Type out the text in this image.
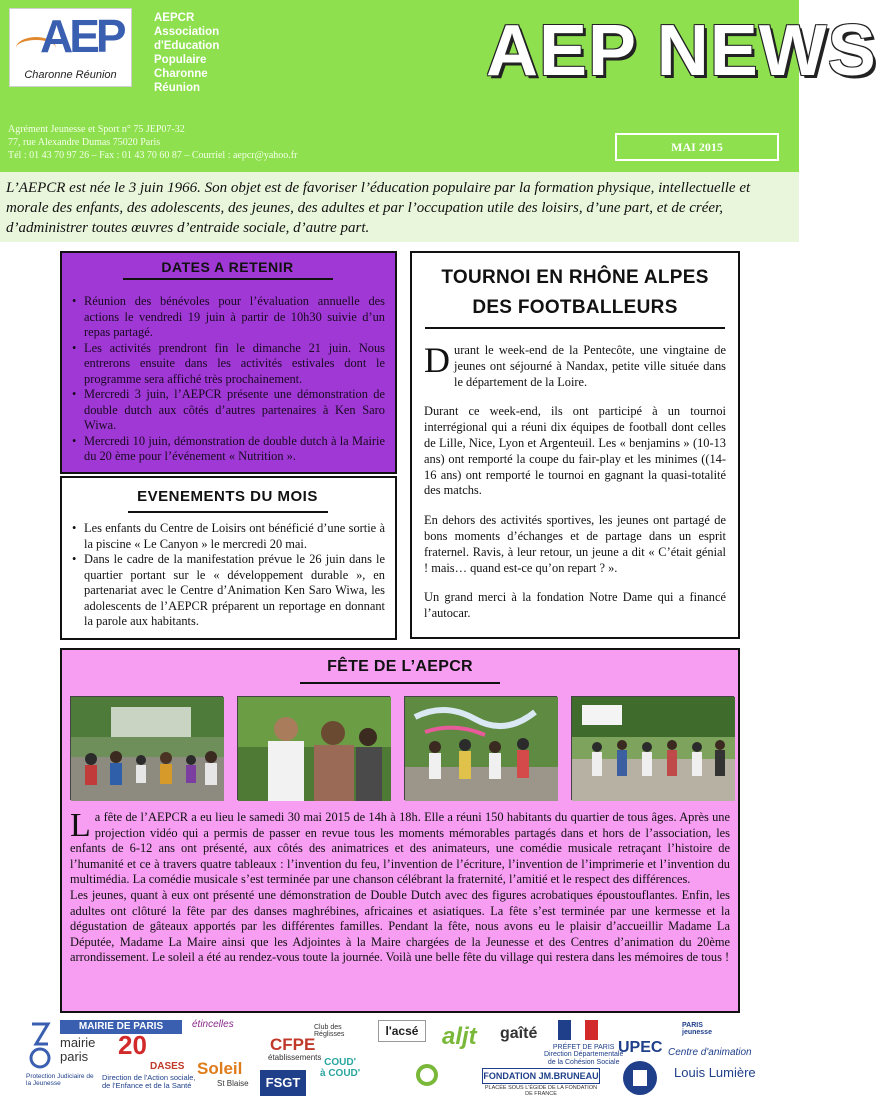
AEP
Charonne Réunion
AEPCR
Association
d'Education
Populaire
Charonne
Réunion	AEP NEWS
Agrément Jeunesse et Sport n° 75 JEP07-32
77, rue Alexandre Dumas 75020 Paris
Tél : 01 43 70 97 26 – Fax : 01 43 70 60 87 – Courriel : aepcr@yahoo.fr
MAI 2015
L’AEPCR est née le 3 juin 1966. Son objet est de favoriser l’éducation populaire par la formation physique, intellectuelle et morale des enfants, des adolescents, des jeunes, des adultes et par l’occupation utile des loisirs, d’une part, et de créer, d’administrer toutes œuvres d’entraide sociale, d’autre part.
DATES A RETENIR
• Réunion des bénévoles pour l’évaluation annuelle des actions le vendredi 19 juin à partir de 10h30 suivie d’un repas partagé.
• Les activités prendront fin le dimanche 21 juin. Nous entrerons ensuite dans les activités estivales dont le programme sera affiché très prochainement.
• Mercredi 3 juin, l’AEPCR présente une démonstration de double dutch aux côtés d’autres partenaires à Ken Saro Wiwa.
• Mercredi 10 juin, démonstration de double dutch à la Mairie du 20 ème pour l’événement « Nutrition ».
EVENEMENTS DU MOIS
• Les enfants du Centre de Loisirs ont bénéficié d’une sortie à la piscine « Le Canyon » le mercredi 20 mai.
• Dans le cadre de la manifestation prévue le 26 juin dans le quartier portant sur le « développement durable », en partenariat avec le Centre d’Animation Ken Saro Wiwa, les adolescents de l’AEPCR préparent un reportage en donnant la parole aux habitants.
TOURNOI EN RHÔNE ALPES
DES FOOTBALLEURS

Durant le week-end de la Pentecôte, une vingtaine de jeunes ont séjourné à Nandax, petite ville située dans le département de la Loire.

Durant ce week-end, ils ont participé à un tournoi interrégional qui a réuni dix équipes de football dont celles de Lille, Nice, Lyon et Argenteuil. Les « benjamins » (10-13 ans) ont remporté la coupe du fair-play et les minimes ((14-16 ans) ont remporté le tournoi en gagnant la quasi-totalité des matchs.

En dehors des activités sportives, les jeunes ont partagé de bons moments d’échanges et de partage dans un esprit fraternel. Ravis, à leur retour, un jeune a dit « C’était génial ! mais… quand est-ce qu’on repart ? ».

Un grand merci à la fondation Notre Dame qui a financé l’autocar.

FÊTE DE L’AEPCR

La fête de l’AEPCR a eu lieu le samedi 30 mai 2015 de 14h à 18h. Elle a réuni 150 habitants du quartier de tous âges. Après une projection vidéo qui a permis de passer en revue tous les moments mémorables partagés dans et hors de l’association, les enfants de 6-12 ans ont présenté, aux côtés des animatrices et des animateurs, une comédie musicale retraçant l’histoire de l’humanité et ce à travers quatre tableaux : l’invention du feu, l’invention de l’écriture, l’invention de l’imprimerie et l’invention du multimédia. La comédie musicale s’est terminée par une chanson célébrant la fraternité, l’amitié et le respect des différences.

Les jeunes, quant à eux ont présenté une démonstration de Double Dutch avec des figures acrobatiques époustouflantes. Enfin, les adultes ont clôturé la fête par des danses maghrébines, africaines et asiatiques. La fête s’est terminée par une kermesse et la dégustation de gâteaux apportés par les différentes familles. Pendant la fête, nous avons eu le plaisir d’accueillir Madame La Députée, Madame La Maire ainsi que les Adjointes à la Maire chargées de la Jeunesse et des Centres d’animation du 20ème arrondissement. Le soleil a été au rendez-vous toute la journée. Voilà une belle fête du village qui restera dans les mémoires de tous !

MAIRIE DE PARIS
mairie
paris 20
DASES
Direction de l'Action sociale,
de l'Enfance et de la Santé
Protection Judiciaire de la Jeunesse
étincelles
Soleil
St Blaise
CFPE
établissements
FSGT
Club des Réglisses
COUD'
à COUD'
l'acsé aljt gaîté
PRÉFET DE PARIS
Direction Départementale
de la Cohésion Sociale
FONDATION JM.BRUNEAU
PLACÉE SOUS L'ÉGIDE DE LA FONDATION DE FRANCE
UPEC
PARIS jeunesse
Centre d'animation
Louis Lumière
